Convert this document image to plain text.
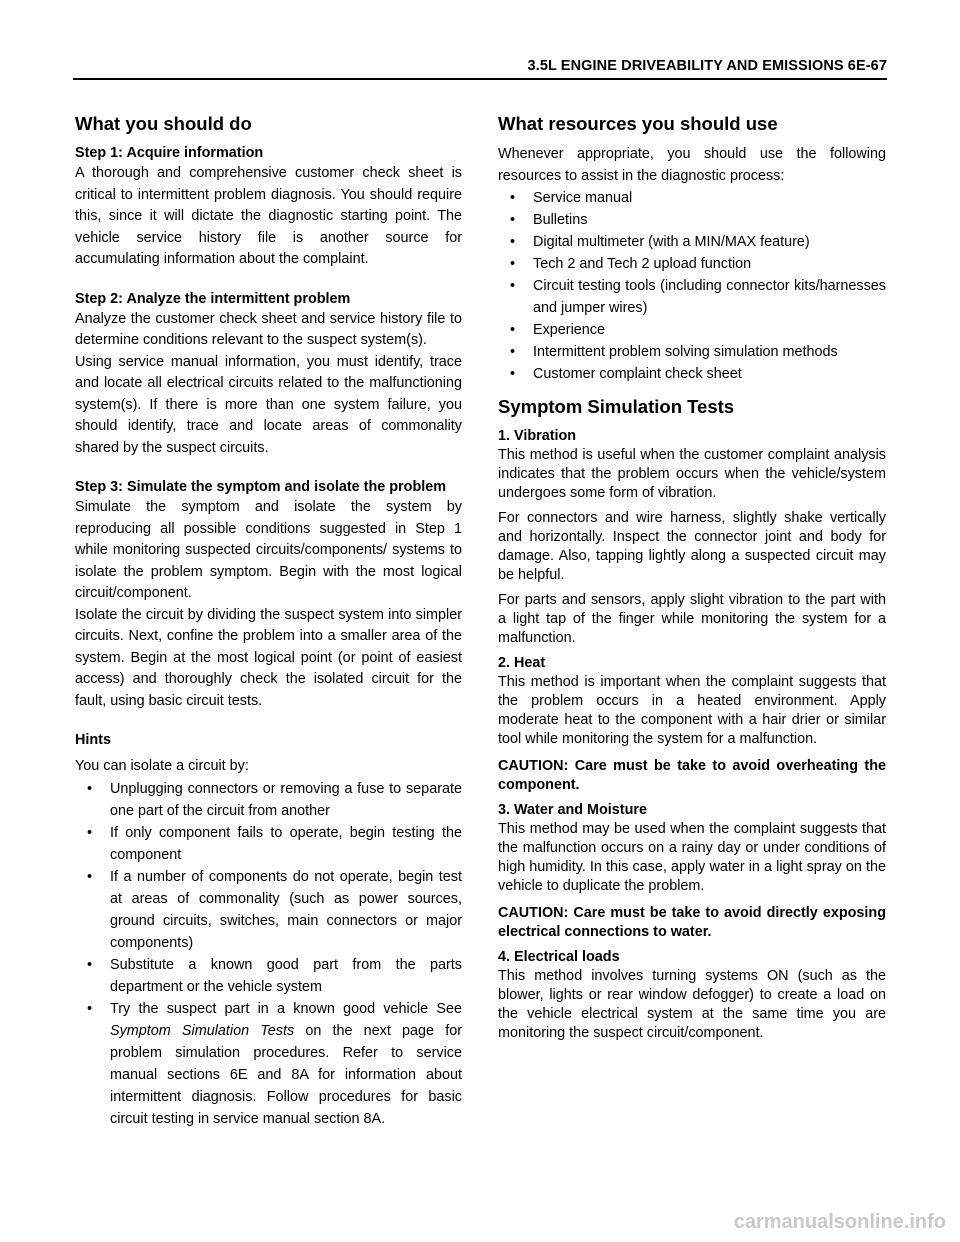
3.5L ENGINE DRIVEABILITY AND EMISSIONS 6E-67
What you should do
Step 1: Acquire information

A thorough and comprehensive customer check sheet is critical to intermittent problem diagnosis. You should require this, since it will dictate the diagnostic starting point. The vehicle service history file is another source for accumulating information about the complaint.

Step 2: Analyze the intermittent problem

Analyze the customer check sheet and service history file to determine conditions relevant to the suspect system(s).

Using service manual information, you must identify, trace and locate all electrical circuits related to the malfunctioning system(s). If there is more than one system failure, you should identify, trace and locate areas of commonality shared by the suspect circuits.

Step 3: Simulate the symptom and isolate the problem

Simulate the symptom and isolate the system by reproducing all possible conditions suggested in Step 1 while monitoring suspected circuits/components/ systems to isolate the problem symptom. Begin with the most logical circuit/component.

Isolate the circuit by dividing the suspect system into simpler circuits. Next, confine the problem into a smaller area of the system. Begin at the most logical point (or point of easiest access) and thoroughly check the isolated circuit for the fault, using basic circuit tests.

Hints

You can isolate a circuit by:

• Unplugging connectors or removing a fuse to separate one part of the circuit from another
• If only component fails to operate, begin testing the component
• If a number of components do not operate, begin test at areas of commonality (such as power sources, ground circuits, switches, main connectors or major components)
• Substitute a known good part from the parts department or the vehicle system
• Try the suspect part in a known good vehicle See Symptom Simulation Tests on the next page for problem simulation procedures. Refer to service manual sections 6E and 8A for information about intermittent diagnosis. Follow procedures for basic circuit testing in service manual section 8A.
What resources you should use

Whenever appropriate, you should use the following resources to assist in the diagnostic process:

• Service manual
• Bulletins
• Digital multimeter (with a MIN/MAX feature)
• Tech 2 and Tech 2 upload function
• Circuit testing tools (including connector kits/harnesses and jumper wires)
• Experience
• Intermittent problem solving simulation methods
• Customer complaint check sheet
Symptom Simulation Tests
1. Vibration

This method is useful when the customer complaint analysis indicates that the problem occurs when the vehicle/system undergoes some form of vibration.

For connectors and wire harness, slightly shake vertically and horizontally. Inspect the connector joint and body for damage. Also, tapping lightly along a suspected circuit may be helpful.

For parts and sensors, apply slight vibration to the part with a light tap of the finger while monitoring the system for a malfunction.

2. Heat

This method is important when the complaint suggests that the problem occurs in a heated environment. Apply moderate heat to the component with a hair drier or similar tool while monitoring the system for a malfunction.

CAUTION: Care must be take to avoid overheating the component.
3. Water and Moisture

This method may be used when the complaint suggests that the malfunction occurs on a rainy day or under conditions of high humidity. In this case, apply water in a light spray on the vehicle to duplicate the problem.

CAUTION: Care must be take to avoid directly exposing electrical connections to water.
4. Electrical loads

This method involves turning systems ON (such as the blower, lights or rear window defogger) to create a load on the vehicle electrical system at the same time you are monitoring the suspect circuit/component.

carmanualsonline.info
